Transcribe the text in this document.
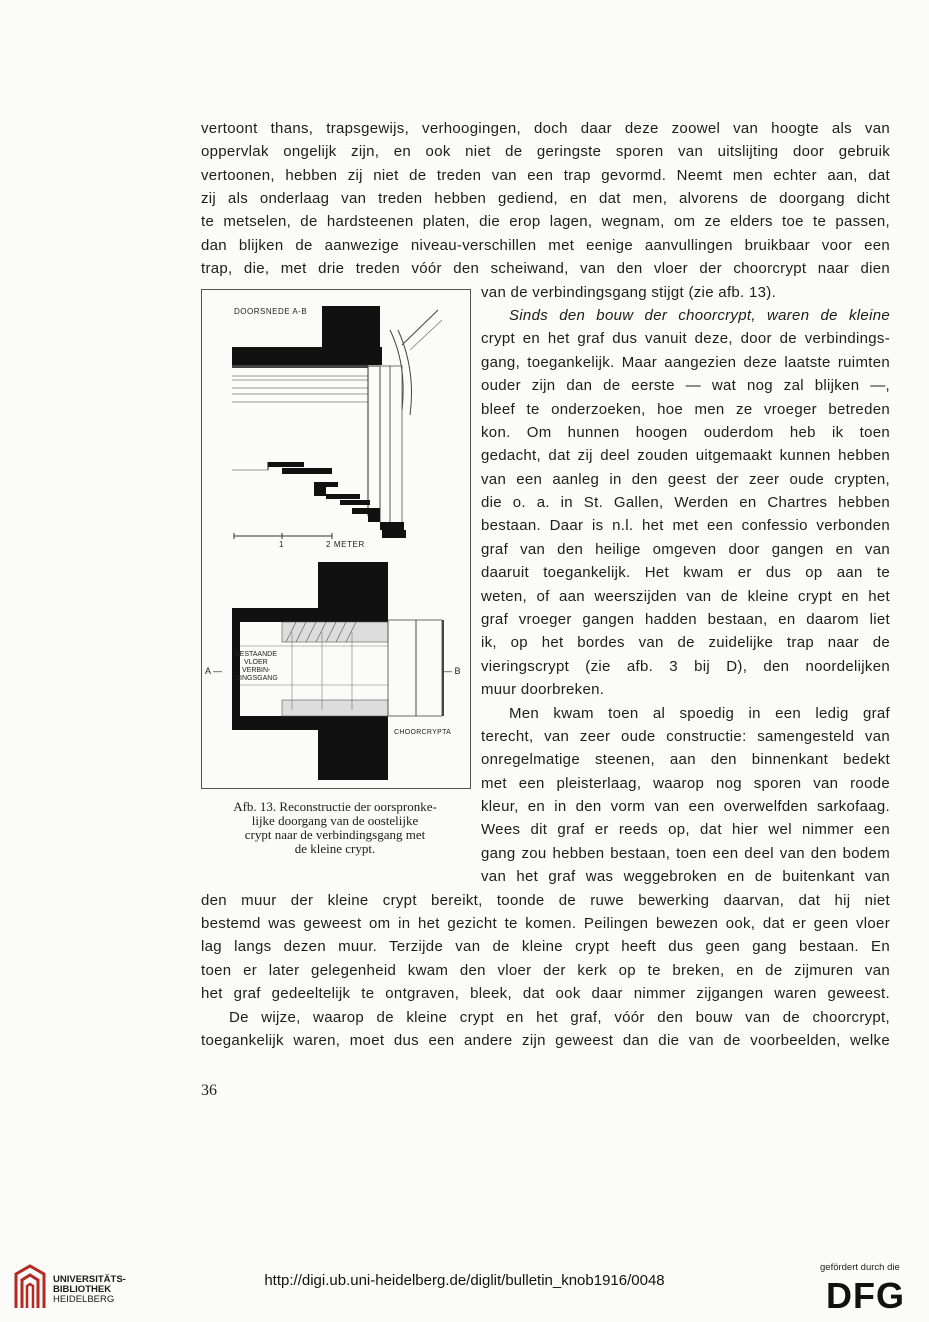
vertoont thans, trapsgewijs, verhoogingen, doch daar deze zoowel van hoogte als van
oppervlak ongelijk zijn, en ook niet de geringste sporen van uitslijting door gebruik
vertoonen, hebben zij niet de treden van een trap gevormd. Neemt men echter aan, dat
zij als onderlaag van treden hebben gediend, en dat men, alvorens de doorgang dicht
te metselen, de hardsteenen platen, die erop lagen, wegnam, om ze elders toe te passen,
dan blijken de aanwezige niveau-verschillen met eenige aanvullingen bruikbaar voor een
trap, die, met drie treden vóór den scheiwand, van den vloer der choorcrypt naar dien
van de verbindingsgang stijgt (zie afb. 13).
Sinds den bouw der choorcrypt, waren de kleine
crypt en het graf dus vanuit deze, door de verbindings-
gang, toegankelijk. Maar aangezien deze laatste ruimten
ouder zijn dan de eerste — wat nog zal blijken —,
bleef te onderzoeken, hoe men ze vroeger betreden
kon. Om hunnen hoogen ouderdom heb ik toen
gedacht, dat zij deel zouden uitgemaakt kunnen hebben
van een aanleg in den geest der zeer oude crypten,
die o. a. in St. Gallen, Werden en Chartres hebben
bestaan. Daar is n.l. het met een confessio verbonden
graf van den heilige omgeven door gangen en van
daaruit toegankelijk. Het kwam er dus op aan te
weten, of aan weerszijden van de kleine crypt en het
graf vroeger gangen hadden bestaan, en daarom liet
ik, op het bordes van de zuidelijke trap naar de
vieringscrypt (zie afb. 3 bij D), den noordelijken
muur doorbreken.
Men kwam toen al spoedig in een ledig graf
terecht, van zeer oude constructie: samengesteld van
onregelmatige steenen, aan den binnenkant bedekt
met een pleisterlaag, waarop nog sporen van roode
kleur, en in den vorm van een overwelfden sarkofaag.
Wees dit graf er reeds op, dat hier wel nimmer een
gang zou hebben bestaan, toen een deel van den bodem
van het graf was weggebroken en de buitenkant van
den muur der kleine crypt bereikt, toonde de ruwe bewerking daarvan, dat hij niet
bestemd was geweest om in het gezicht te komen. Peilingen bewezen ook, dat er geen vloer
lag langs dezen muur. Terzijde van de kleine crypt heeft dus geen gang bestaan. En
toen er later gelegenheid kwam den vloer der kerk op te breken, en de zijmuren van
het graf gedeeltelijk te ontgraven, bleek, dat ook daar nimmer zijgangen waren geweest.
De wijze, waarop de kleine crypt en het graf, vóór den bouw van de choorcrypt,
toegankelijk waren, moet dus een andere zijn geweest dan die van de voorbeelden, welke
DOORSNEDE A-B
1	2 METER
BESTAANDE
VLOER
VERBIN-
DINGSGANG
A —	— B
CHOORCRYPTA
Afb. 13. Reconstructie der oorspronke-
lijke doorgang van de oostelijke
crypt naar de verbindingsgang met
de kleine crypt.
36
UNIVERSITÄTS-
BIBLIOTHEK
HEIDELBERG
http://digi.ub.uni-heidelberg.de/diglit/bulletin_knob1916/0048
gefördert durch die
DFG
